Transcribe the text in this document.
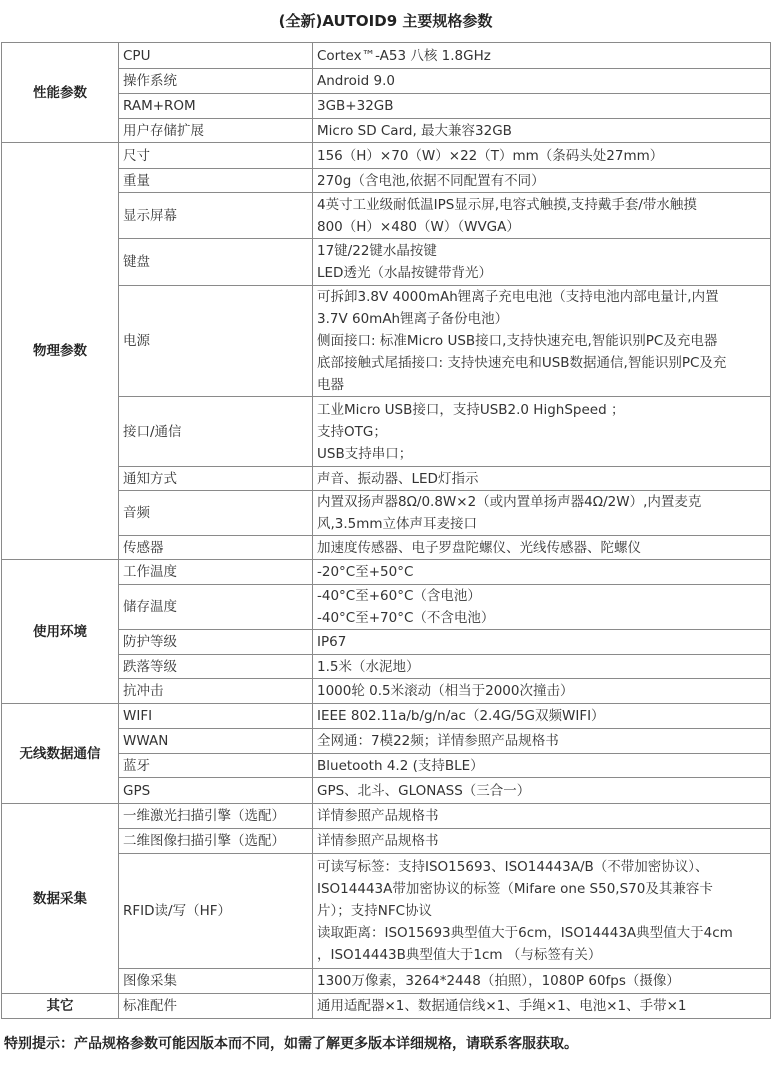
(全新)AUTOID9 主要规格参数
性能参数	CPU	Cortex™-A53 八核 1.8GHz

	操作系统	Android 9.0

	RAM+ROM	3GB+32GB

	用户存储扩展	Micro SD Card, 最大兼容32GB

物理参数	尺寸	156（H）×70（W）×22（T）mm（条码头处27mm）

	重量	270g（含电池,依据不同配置有不同）

	显示屏幕	4英寸工业级耐低温IPS显示屏,电容式触摸,支持戴手套/带水触摸
800（H）×480（W）（WVGA）

	键盘	17键/22键水晶按键
LED透光（水晶按键带背光）

	电源	可拆卸3.8V 4000mAh锂离子充电电池（支持电池内部电量计,内置
3.7V 60mAh锂离子备份电池）
侧面接口: 标准Micro USB接口,支持快速充电,智能识别PC及充电器
底部接触式尾插接口: 支持快速充电和USB数据通信,智能识别PC及充
电器

	接口/通信	工业Micro USB接口，支持USB2.0 HighSpeed ；
支持OTG；
USB支持串口；

	通知方式	声音、振动器、LED灯指示

	音频	内置双扬声器8Ω/0.8W×2（或内置单扬声器4Ω/2W）,内置麦克
风,3.5mm立体声耳麦接口

	传感器	加速度传感器、电子罗盘陀螺仪、光线传感器、陀螺仪

使用环境	工作温度	-20°C至+50°C

	储存温度	-40°C至+60°C（含电池）
-40°C至+70°C（不含电池）

	防护等级	IP67

	跌落等级	1.5米（水泥地）

	抗冲击	1000轮 0.5米滚动（相当于2000次撞击）

无线数据通信	WIFI	IEEE 802.11a/b/g/n/ac（2.4G/5G双频WIFI）

	WWAN	全网通：7模22频；详情参照产品规格书

	蓝牙	Bluetooth 4.2 (支持BLE）

	GPS	GPS、北斗、GLONASS（三合一）

数据采集	一维激光扫描引擎（选配）	详情参照产品规格书

	二维图像扫描引擎（选配）	详情参照产品规格书

	RFID读/写（HF）	可读写标签：支持ISO15693、ISO14443A/B（不带加密协议）、
ISO14443A带加密协议的标签（Mifare one S50,S70及其兼容卡
片）；支持NFC协议
读取距离：ISO15693典型值大于6cm，ISO14443A典型值大于4cm
，ISO14443B典型值大于1cm （与标签有关）

	图像采集	1300万像素，3264*2448（拍照），1080P 60fps（摄像）

其它	标准配件	通用适配器×1、数据通信线×1、手绳×1、电池×1、手带×1
特别提示：产品规格参数可能因版本而不同，如需了解更多版本详细规格，请联系客服获取。
